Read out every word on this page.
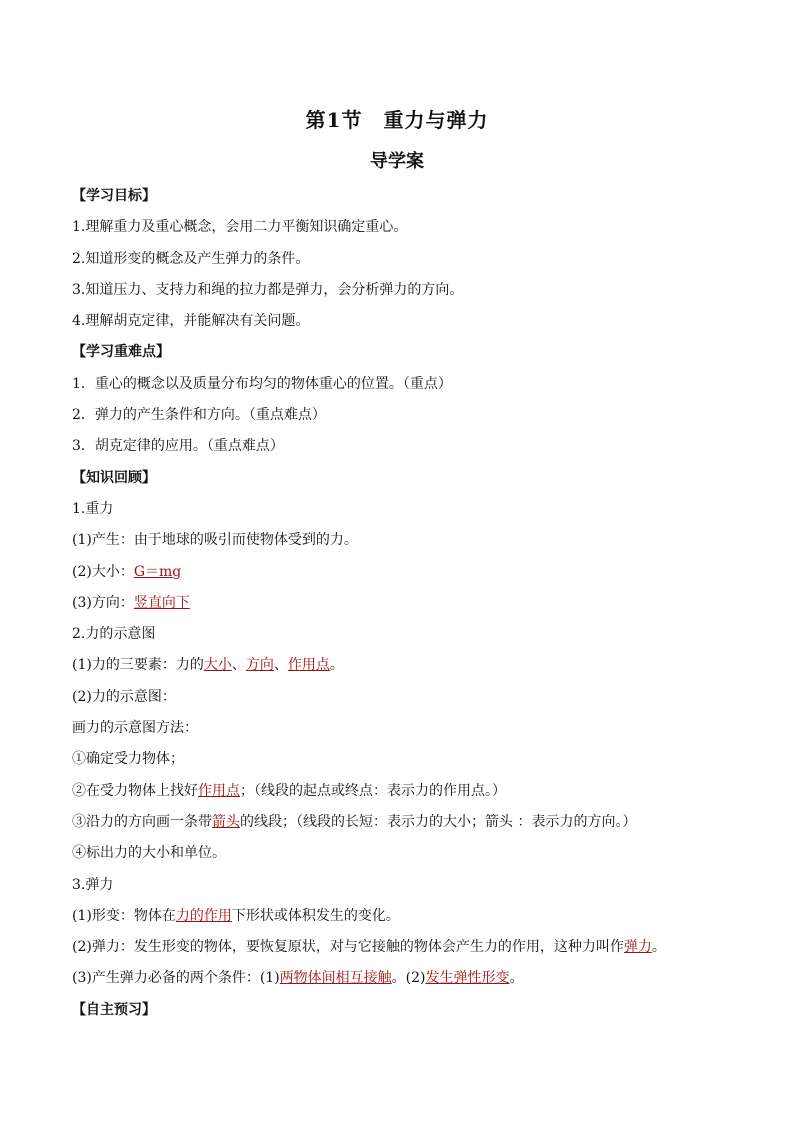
第1节　重力与弹力
导学案
【学习目标】
1.理解重力及重心概念，会用二力平衡知识确定重心。
2.知道形变的概念及产生弹力的条件。
3.知道压力、支持力和绳的拉力都是弹力，会分析弹力的方向。
4.理解胡克定律，并能解决有关问题。
【学习重难点】
1．重心的概念以及质量分布均匀的物体重心的位置。（重点）
2．弹力的产生条件和方向。（重点难点）
3．胡克定律的应用。（重点难点）
【知识回顾】
1.重力
(1)产生：由于地球的吸引而使物体受到的力。
(2)大小：G＝mg
(3)方向：竖直向下
2.力的示意图
(1)力的三要素：力的大小、方向、作用点。
(2)力的示意图：
画力的示意图方法：
①确定受力物体；
②在受力物体上找好作用点；（线段的起点或终点：表示力的作用点。）
③沿力的方向画一条带箭头的线段；（线段的长短：表示力的大小；箭头 ：表示力的方向。）
④标出力的大小和单位。
3.弹力
(1)形变：物体在力的作用下形状或体积发生的变化。
(2)弹力：发生形变的物体，要恢复原状，对与它接触的物体会产生力的作用，这种力叫作弹力。
(3)产生弹力必备的两个条件：(1)两物体间相互接触。(2)发生弹性形变。
【自主预习】
